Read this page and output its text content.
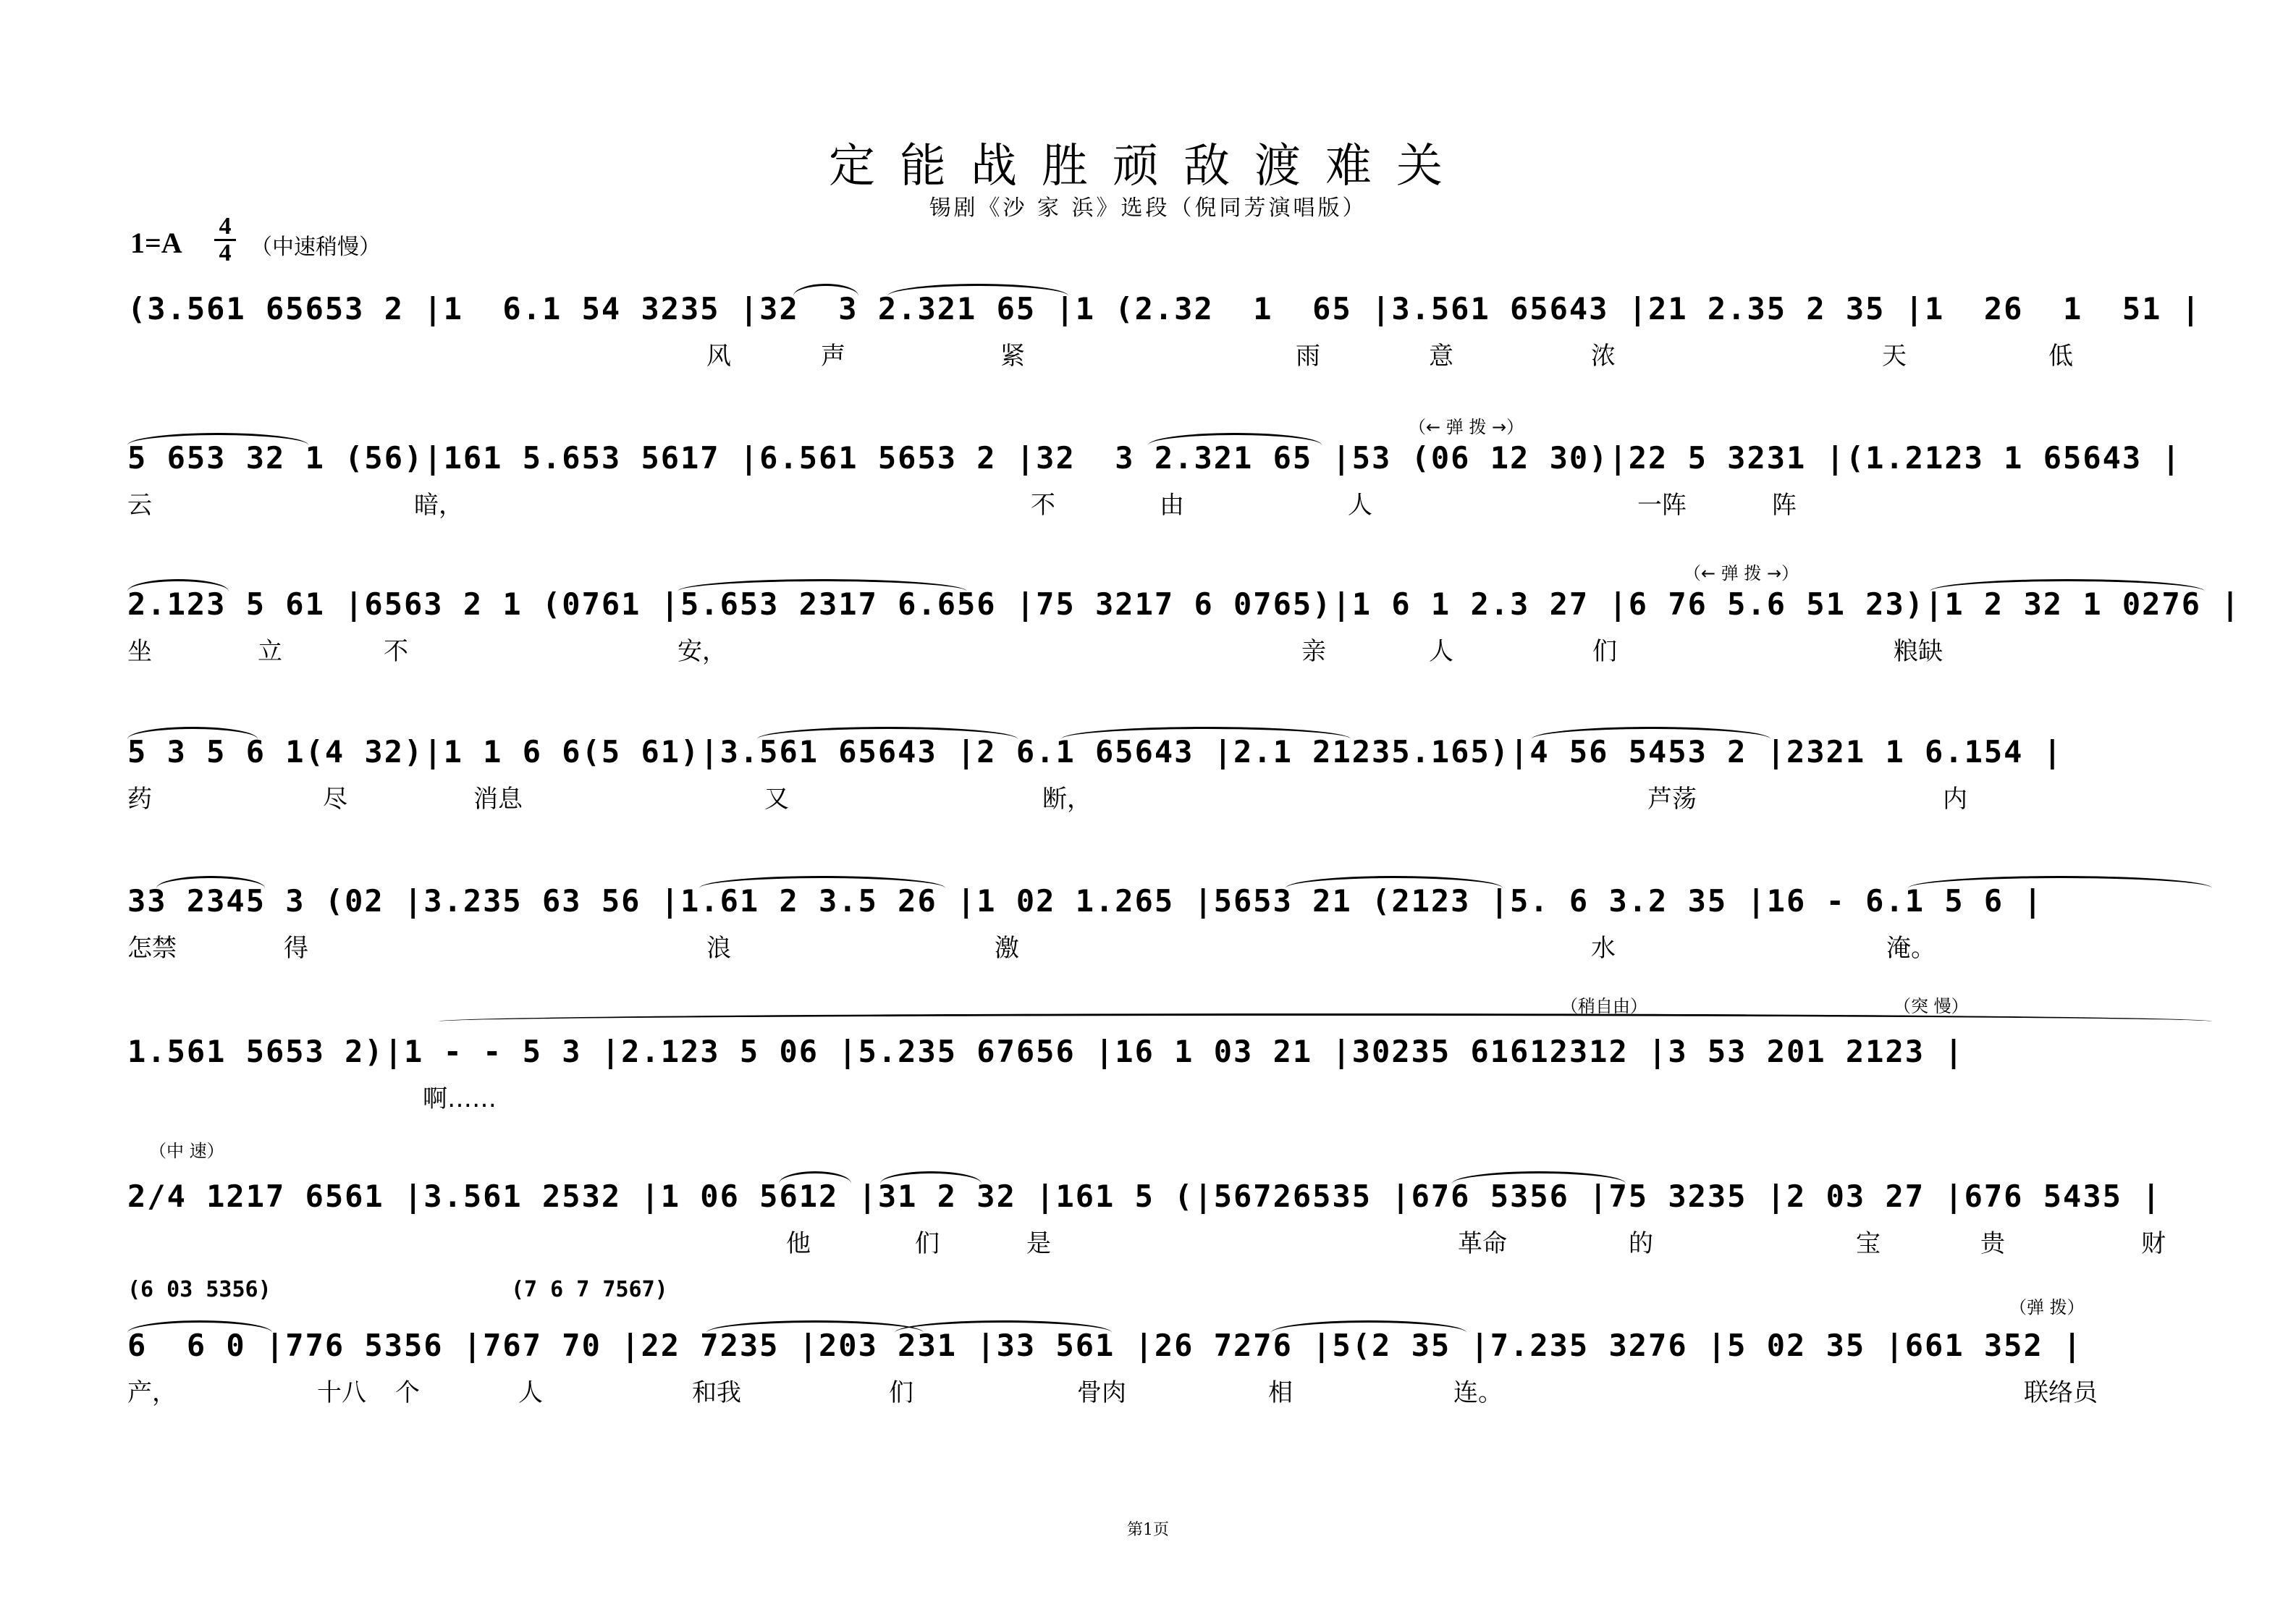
定能战胜顽敌渡难关
锡剧《沙 家 浜》选段（倪同芳演唱版）
1=A
4
4 （中速稍慢）
(3.561 65653 2 |1  6.1 54 3235 |32  3 2.321 65 |1 (2.32  1  65 |3.561 65643 |21 2.35 2 35 |1  26  1  51 |
风	声	紧	雨	意	浓	天	低
（← 弹 拨 →）
5 653 32 1 (56)|161 5.653 5617 |6.561 5653 2 |32  3 2.321 65 |53 (06 12 30)|22 5 3231 |(1.2123 1 65643 |
云	暗，	不	由	人	一阵	阵
（← 弹 拨 →）
2.123 5 61 |6563 2 1 (0761 |5.653 2317 6.656 |75 3217 6 0765)|1 6 1 2.3 27 |6 76 5.6 51 23)|1 2 32 1 0276 |
坐	立	不	安，	亲	人	们	粮缺
5 3 5 6 1(4 32)|1 1 6 6(5 61)|3.561 65643 |2 6.1 65643 |2.1 21235.165)|4 56 5453 2 |2321 1 6.154 |
药	尽	消息	又	断，	芦荡	内
33 2345 3 (02 |3.235 63 56 |1.61 2 3.5 26 |1 02 1.265 |5653 21 (2123 |5. 6 3.2 35 |16 - 6.1 5 6 |
怎禁	得	浪	激	水	淹。
（稍自由）	（突 慢）
1.561 5653 2)|1 - - 5 3 |2.123 5 06 |5.235 67656 |16 1 03 21 |30235 61612312 |3 53 201 2123 |
啊……
（中 速）
2/4 1217 6561 |3.561 2532 |1 06 5612 |31 2 32 |161 5 (|56726535 |676 5356 |75 3235 |2 03 27 |676 5435 |
他	们	是	革命	的	宝	贵	财
(6 03 5356)	(7 6 7 7567)
（弹 拨）
6  6 0 |776 5356 |767 70 |22 7235 |203 231 |33 561 |26 7276 |5(2 35 |7.235 3276 |5 02 35 |661 352 |
产，	十八 个	人	和我	们	骨肉	相	连。	联络员
第1页
